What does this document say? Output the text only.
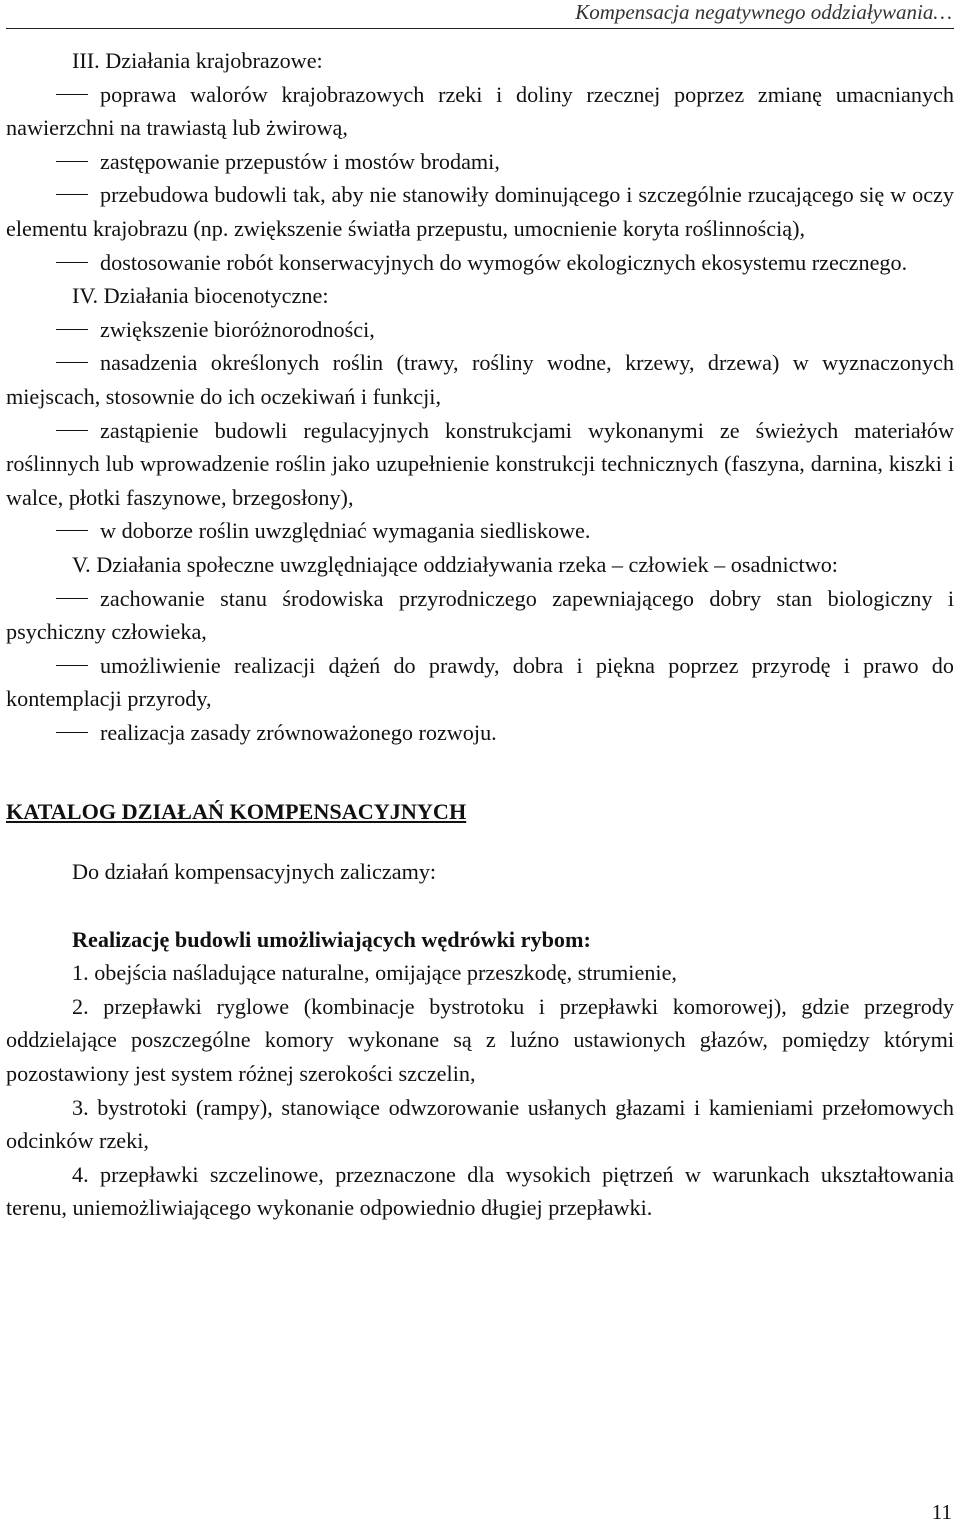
Kompensacja negatywnego oddziaływania…

III. Działania krajobrazowe:

poprawa walorów krajobrazowych rzeki i doliny rzecznej poprzez zmianę umacnianych nawierzchni na trawiastą lub żwirową,

zastępowanie przepustów i mostów brodami,

przebudowa budowli tak, aby nie stanowiły dominującego i szczególnie rzucającego się w oczy elementu krajobrazu (np. zwiększenie światła przepustu, umocnienie koryta roślinnością),

dostosowanie robót konserwacyjnych do wymogów ekologicznych ekosystemu rzecznego.

IV. Działania biocenotyczne:

zwiększenie bioróżnorodności,

nasadzenia określonych roślin (trawy, rośliny wodne, krzewy, drzewa) w wyznaczonych miejscach, stosownie do ich oczekiwań i funkcji,

zastąpienie budowli regulacyjnych konstrukcjami wykonanymi ze świeżych materiałów roślinnych lub wprowadzenie roślin jako uzupełnienie konstrukcji technicznych (faszyna, darnina, kiszki i walce, płotki faszynowe, brzegosłony),

w doborze roślin uwzględniać wymagania siedliskowe.

V. Działania społeczne uwzględniające oddziaływania rzeka – człowiek – osadnictwo:

zachowanie stanu środowiska przyrodniczego zapewniającego dobry stan biologiczny i psychiczny człowieka,

umożliwienie realizacji dążeń do prawdy, dobra i piękna poprzez przyrodę i prawo do kontemplacji przyrody,

realizacja zasady zrównoważonego rozwoju.

KATALOG DZIAŁAŃ KOMPENSACYJNYCH

Do działań kompensacyjnych zaliczamy:

Realizację budowli umożliwiających wędrówki rybom:

1. obejścia naśladujące naturalne, omijające przeszkodę, strumienie,

2. przepławki ryglowe (kombinacje bystrotoku i przepławki komorowej), gdzie przegrody oddzielające poszczególne komory wykonane są z luźno ustawionych głazów, pomiędzy którymi pozostawiony jest system różnej szerokości szczelin,

3. bystrotoki (rampy), stanowiące odwzorowanie usłanych głazami i kamieniami przełomowych odcinków rzeki,

4. przepławki szczelinowe, przeznaczone dla wysokich piętrzeń w warunkach ukształtowania terenu, uniemożliwiającego wykonanie odpowiednio długiej przepławki.

11
